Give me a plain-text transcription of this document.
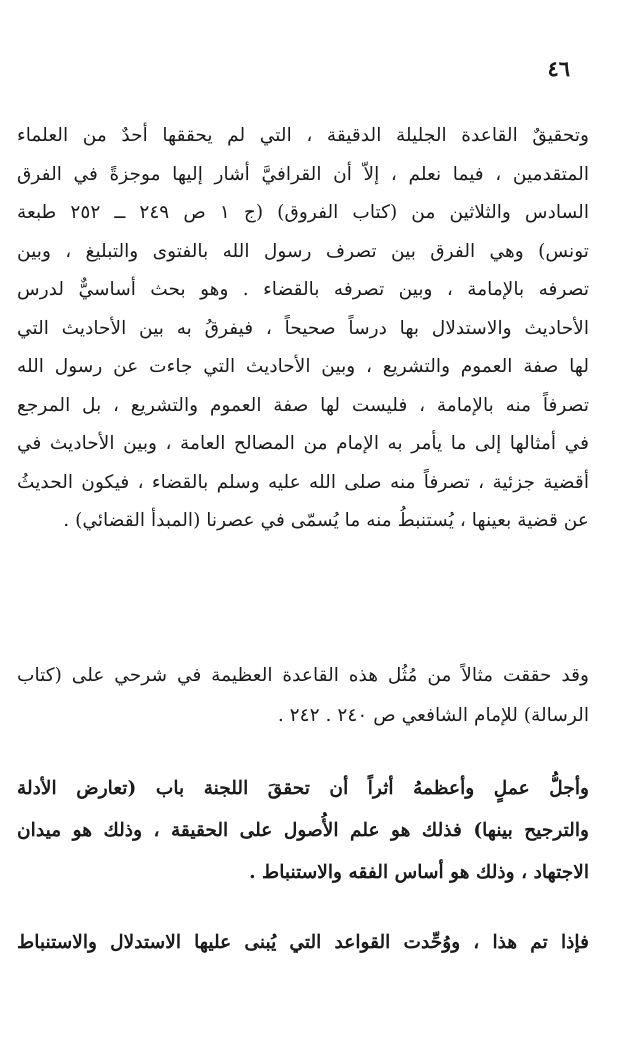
٤٦
وتحقيقٌ القاعدة الجليلة الدقيقة ، التي لم يحققها أحدٌ من العلماء
المتقدمين ، فيما نعلم ، إلاّ أن القرافيَّ أشار إليها موجزةً في الفرق
السادس والثلاثين من (كتاب الفروق) (ج ١ ص ٢٤٩ ــ ٢٥٢ طبعة
تونس) وهي الفرق بين تصرف رسول الله بالفتوى والتبليغ ، وبين
تصرفه بالإمامة ، وبين تصرفه بالقضاء . وهو بحث أساسيٌّ لدرس
الأحاديث والاستدلال بها درساً صحيحاً ، فيفرقُ به بين الأحاديث التي
لها صفة العموم والتشريع ، وبين الأحاديث التي جاءت عن رسول الله
تصرفاً منه بالإمامة ، فليست لها صفة العموم والتشريع ، بل المرجع
في أمثالها إلى ما يأمر به الإمام من المصالح العامة ، وبين الأحاديث في
أقضية جزئية ، تصرفاً منه صلى الله عليه وسلم بالقضاء ، فيكون الحديثُ
عن قضية بعينها ، يُستنبطُ منه ما يُسمّى في عصرنا (المبدأ القضائي) .
وقد حققت مثالاً من مُثُل هذه القاعدة العظيمة في شرحي على (كتاب
الرسالة) للإمام الشافعي ص ٢٤٠ . ٢٤٢ .
وأجلُّ عملٍ وأعظمهُ أثراً أن تحققَ اللجنة باب (تعارض الأدلة
والترجيح بينها) فذلك هو علم الأُصول على الحقيقة ، وذلك هو ميدان
الاجتهاد ، وذلك هو أساس الفقه والاستنباط .
فإذا تم هذا ، ووُحِّدت القواعد التي يُبنى عليها الاستدلال والاستنباط
